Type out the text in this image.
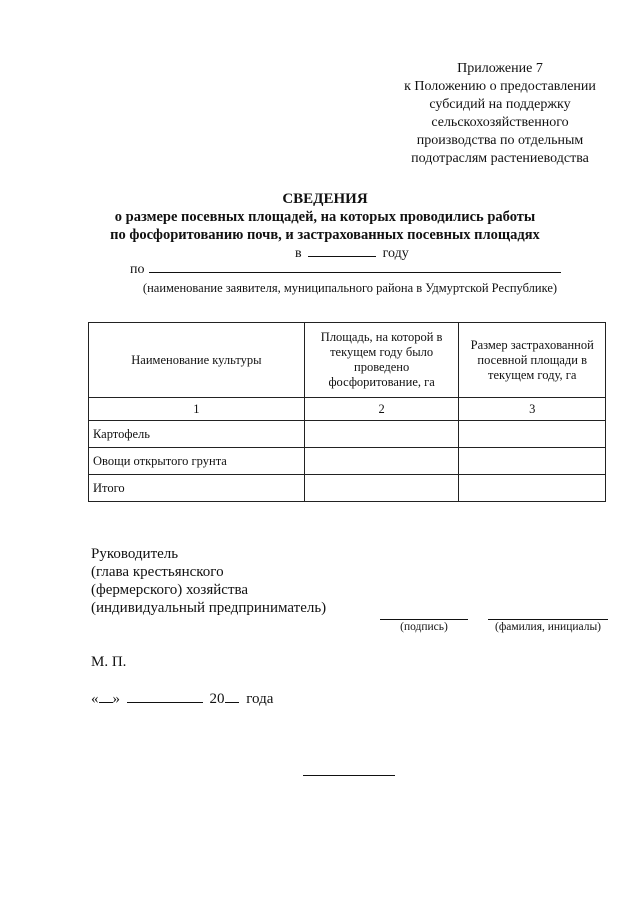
Приложение 7
к Положению о предоставлении
субсидий на поддержку
сельскохозяйственного
производства по отдельным
подотраслям растениеводства
СВЕДЕНИЯ
о размере посевных площадей, на которых проводились работы
по фосфоритованию почв, и застрахованных посевных площадях
в	году
по
(наименование заявителя, муниципального района в Удмуртской Республике)
Наименование культуры	Площадь, на которой в текущем году было проведено фосфоритование, га	Размер застрахованной посевной площади в текущем году, га
1	2	3
Картофель		
Овощи открытого грунта		
Итого		
Руководитель
(глава крестьянского
(фермерского) хозяйства
(индивидуальный предприниматель)
(подпись)	(фамилия, инициалы)
М. П.
« »	20 года
